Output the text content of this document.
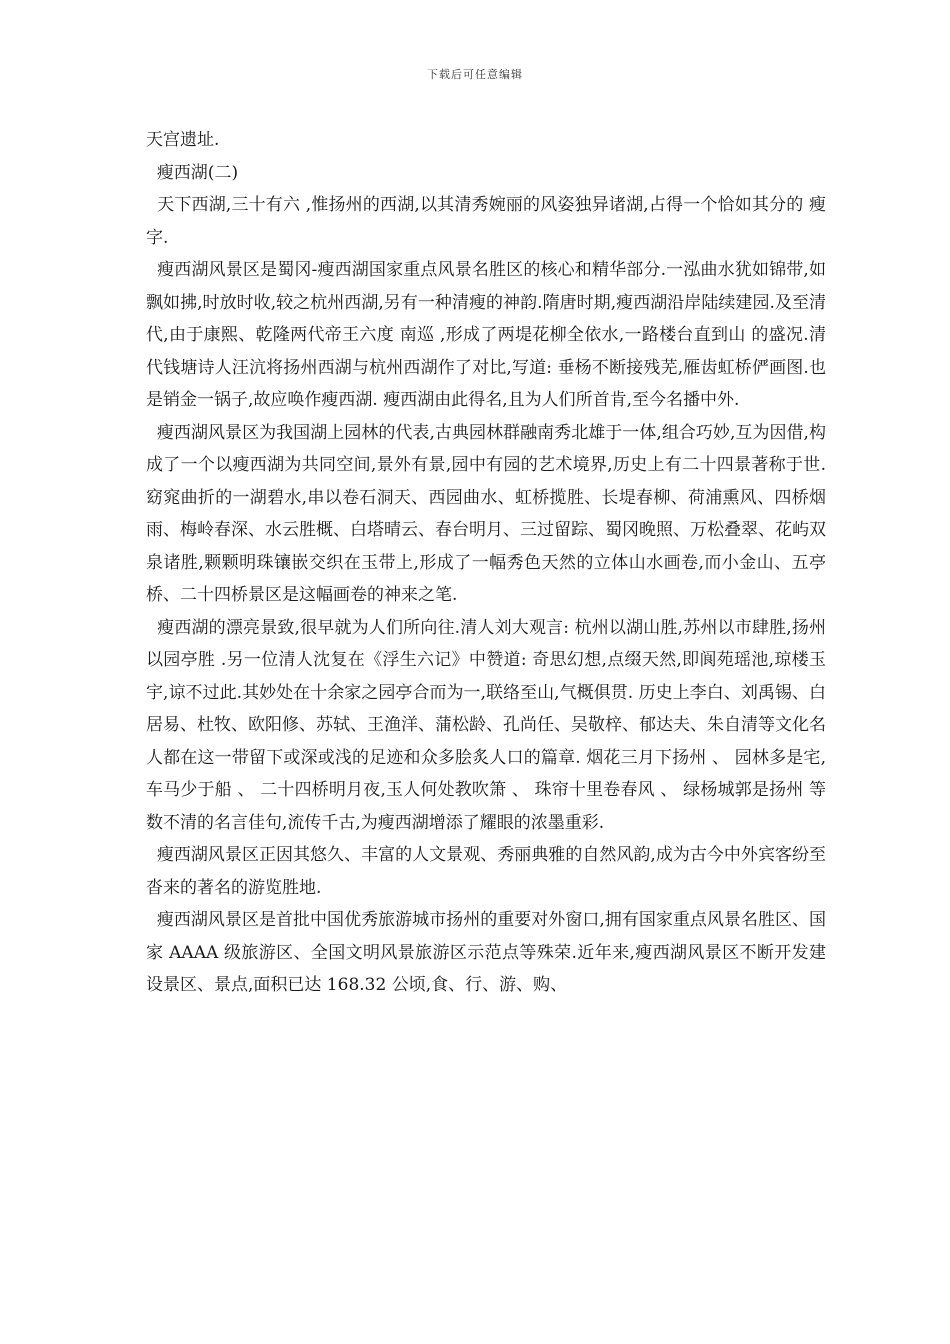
下载后可任意编辑

天宫遗址.

瘦西湖(二)

天下西湖,三十有六 ,惟扬州的西湖,以其清秀婉丽的风姿独异诸湖,占得一个恰如其分的 瘦 字.

瘦西湖风景区是蜀冈-瘦西湖国家重点风景名胜区的核心和精华部分.一泓曲水犹如锦带,如飘如拂,时放时收,较之杭州西湖,另有一种清瘦的神韵.隋唐时期,瘦西湖沿岸陆续建园.及至清代,由于康熙、乾隆两代帝王六度 南巡 ,形成了两堤花柳全依水,一路楼台直到山 的盛况.清代钱塘诗人汪沆将扬州西湖与杭州西湖作了对比,写道: 垂杨不断接残芜,雁齿虹桥俨画图.也是销金一锅子,故应唤作瘦西湖. 瘦西湖由此得名,且为人们所首肯,至今名播中外.

瘦西湖风景区为我国湖上园林的代表,古典园林群融南秀北雄于一体,组合巧妙,互为因借,构成了一个以瘦西湖为共同空间,景外有景,园中有园的艺术境界,历史上有二十四景著称于世.窈窕曲折的一湖碧水,串以卷石洞天、西园曲水、虹桥揽胜、长堤春柳、荷浦熏风、四桥烟雨、梅岭春深、水云胜概、白塔晴云、春台明月、三过留踪、蜀冈晚照、万松叠翠、花屿双泉诸胜,颗颗明珠镶嵌交织在玉带上,形成了一幅秀色天然的立体山水画卷,而小金山、五亭桥、二十四桥景区是这幅画卷的神来之笔.

瘦西湖的漂亮景致,很早就为人们所向往.清人刘大观言: 杭州以湖山胜,苏州以市肆胜,扬州以园亭胜 .另一位清人沈复在《浮生六记》中赞道: 奇思幻想,点缀天然,即阆苑瑶池,琼楼玉宇,谅不过此.其妙处在十余家之园亭合而为一,联络至山,气概俱贯. 历史上李白、刘禹锡、白居易、杜牧、欧阳修、苏轼、王渔洋、蒲松龄、孔尚任、吴敬梓、郁达夫、朱自清等文化名人都在这一带留下或深或浅的足迹和众多脍炙人口的篇章. 烟花三月下扬州 、 园林多是宅,车马少于船 、 二十四桥明月夜,玉人何处教吹箫 、 珠帘十里卷春风 、 绿杨城郭是扬州 等数不清的名言佳句,流传千古,为瘦西湖增添了耀眼的浓墨重彩.

瘦西湖风景区正因其悠久、丰富的人文景观、秀丽典雅的自然风韵,成为古今中外宾客纷至沓来的著名的游览胜地.

瘦西湖风景区是首批中国优秀旅游城市扬州的重要对外窗口,拥有国家重点风景名胜区、国家 AAAA 级旅游区、全国文明风景旅游区示范点等殊荣.近年来,瘦西湖风景区不断开发建设景区、景点,面积已达 168.32 公顷,食、行、游、购、
